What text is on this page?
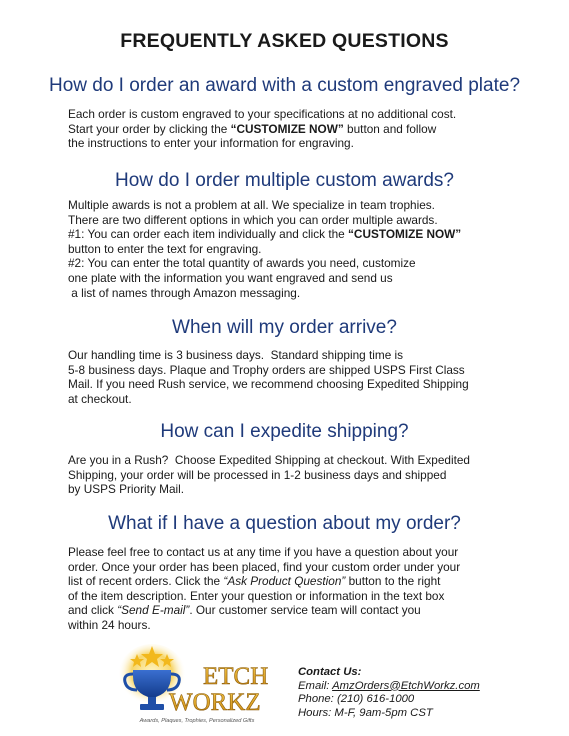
FREQUENTLY ASKED QUESTIONS
How do I order an award with a custom engraved plate?
Each order is custom engraved to your specifications at no additional cost.
Start your order by clicking the “CUSTOMIZE NOW” button and follow
the instructions to enter your information for engraving.
How do I order multiple custom awards?
Multiple awards is not a problem at all. We specialize in team trophies.
There are two different options in which you can order multiple awards.
#1: You can order each item individually and click the “CUSTOMIZE NOW”
button to enter the text for engraving.
#2: You can enter the total quantity of awards you need, customize
one plate with the information you want engraved and send us
a list of names through Amazon messaging.
When will my order arrive?
Our handling time is 3 business days.  Standard shipping time is
5-8 business days. Plaque and Trophy orders are shipped USPS First Class
Mail. If you need Rush service, we recommend choosing Expedited Shipping
at checkout.
How can I expedite shipping?
Are you in a Rush?  Choose Expedited Shipping at checkout. With Expedited
Shipping, your order will be processed in 1-2 business days and shipped
by USPS Priority Mail.
What if I have a question about my order?
Please feel free to contact us at any time if you have a question about your
order. Once your order has been placed, find your custom order under your
list of recent orders. Click the “Ask Product Question” button to the right
of the item description. Enter your question or information in the text box
and click “Send E-mail”. Our customer service team will contact you
within 24 hours.
ETCH
WORKZ
Awards, Plaques, Trophies, Personalized Gifts
Contact Us:
Email: AmzOrders@EtchWorkz.com
Phone: (210) 616-1000
Hours: M-F, 9am-5pm CST
